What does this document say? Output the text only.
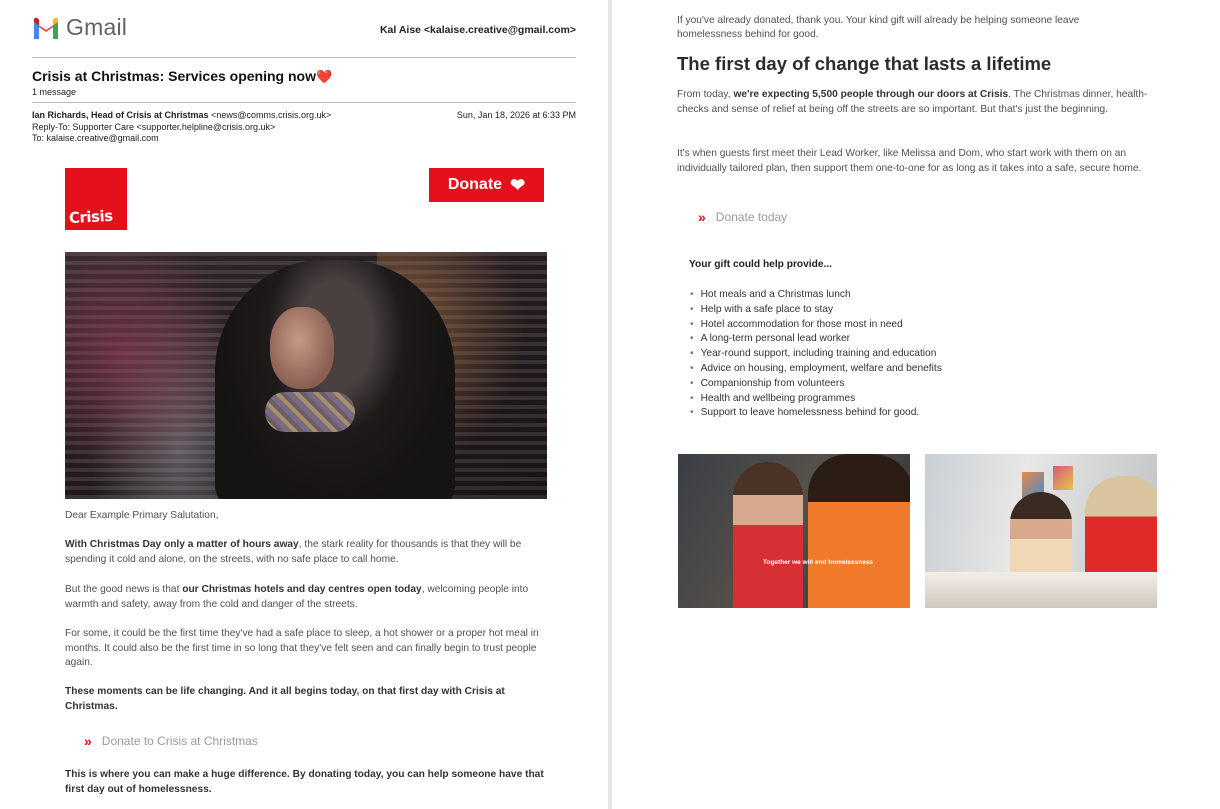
Gmail	Kal Aise <kalaise.creative@gmail.com>
Crisis at Christmas: Services opening now❤️
1 message
Ian Richards, Head of Crisis at Christmas <news@comms.crisis.org.uk>
Reply-To: Supporter Care <supporter.helpline@crisis.org.uk>
To: kalaise.creative@gmail.com
Sun, Jan 18, 2026 at 6:33 PM
Crisis
Donate ❤
Dear Example Primary Salutation,
With Christmas Day only a matter of hours away, the stark reality for thousands is that they will be spending it cold and alone, on the streets, with no safe place to call home.
But the good news is that our Christmas hotels and day centres open today, welcoming people into warmth and safety, away from the cold and danger of the streets.
For some, it could be the first time they've had a safe place to sleep, a hot shower or a proper hot meal in months. It could also be the first time in so long that they've felt seen and can finally begin to trust people again.
These moments can be life changing. And it all begins today, on that first day with Crisis at Christmas.
» Donate to Crisis at Christmas
This is where you can make a huge difference. By donating today, you can help someone have that first day out of homelessness.
If you've already donated, thank you. Your kind gift will already be helping someone leave homelessness behind for good.
The first day of change that lasts a lifetime
From today, we're expecting 5,500 people through our doors at Crisis. The Christmas dinner, health-checks and sense of relief at being off the streets are so important. But that's just the beginning.
It's when guests first meet their Lead Worker, like Melissa and Dom, who start work with them on an individually tailored plan, then support them one-to-one for as long as it takes into a safe, secure home.
» Donate today
Your gift could help provide...
• Hot meals and a Christmas lunch
• Help with a safe place to stay
• Hotel accommodation for those most in need
• A long-term personal lead worker
• Year-round support, including training and education
• Advice on housing, employment, welfare and benefits
• Companionship from volunteers
• Health and wellbeing programmes
• Support to leave homelessness behind for good.
Together we will end homelessness
